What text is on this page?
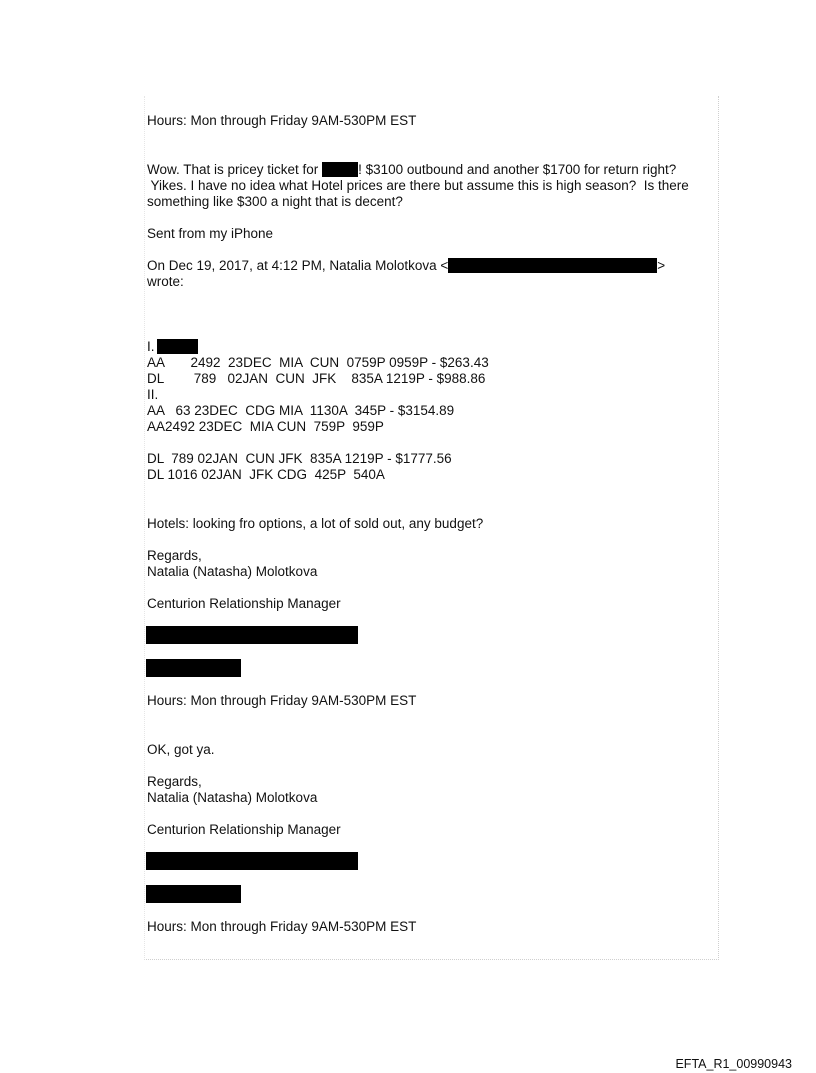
Hours: Mon through Friday 9AM-530PM EST
Wow. That is pricey ticket for	! $3100 outbound and another $1700 for return right?
Yikes. I have no idea what Hotel prices are there but assume this is high season?  Is there
something like $300 a night that is decent?
Sent from my iPhone
On Dec 19, 2017, at 4:12 PM, Natalia Molotkova <	>
wrote:
I.
AA       2492  23DEC  MIA  CUN  0759P 0959P - $263.43
DL        789   02JAN  CUN  JFK    835A 1219P - $988.86
II.
AA   63 23DEC  CDG MIA  1130A  345P - $3154.89
AA2492 23DEC  MIA CUN  759P  959P
DL  789 02JAN  CUN JFK  835A 1219P - $1777.56
DL 1016 02JAN  JFK CDG  425P  540A
Hotels: looking fro options, a lot of sold out, any budget?
Regards,
Natalia (Natasha) Molotkova
Centurion Relationship Manager
Hours: Mon through Friday 9AM-530PM EST
OK, got ya.
Regards,
Natalia (Natasha) Molotkova
Centurion Relationship Manager
Hours: Mon through Friday 9AM-530PM EST
EFTA_R1_00990943
